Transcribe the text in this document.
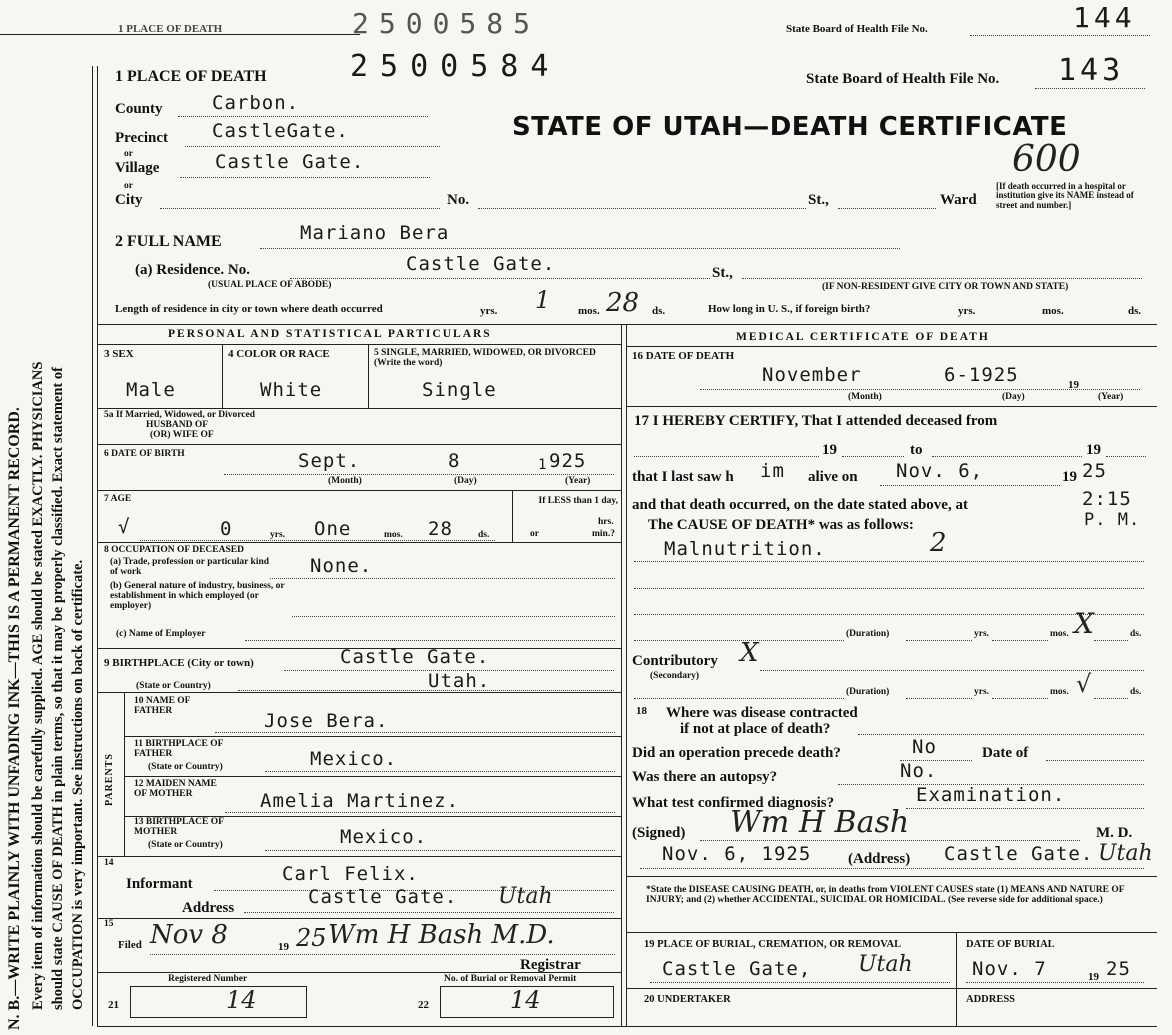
N. B.—WRITE PLAINLY WITH UNFADING INK—THIS IS A PERMANENT RECORD. Every item of information should be carefully supplied. AGE should be stated EXACTLY. PHYSICIANS should state CAUSE OF DEATH in plain terms, so that it may be properly classified. Exact statement of OCCUPATION is very important. See instructions on back of certificate.
1 PLACE OF DEATH	2500585	State Board of Health File No.	144
1 PLACE OF DEATH	2500584	State Board of Health File No. 143
County	Carbon.
Precinct CastleGate.	STATE OF UTAH—DEATH CERTIFICATE
600
or
Village	Castle Gate.
or
City	No.	St.,	Ward
[If death occurred in a hospital or institution give its NAME instead of street and number.]
2 FULL NAME	Mariano Bera
(a) Residence. No.	Castle Gate.	St.,
(USUAL PLACE OF ABODE)	(IF NON-RESIDENT GIVE CITY OR TOWN AND STATE)
Length of residence in city or town where death occurred	yrs. 1	mos. 28 ds.	How long in U. S., if foreign birth?	yrs.	mos.	ds.
PERSONAL AND STATISTICAL PARTICULARS
3 SEX
Male
4 COLOR OR RACE
White
5 SINGLE, MARRIED, WIDOWED, OR DIVORCED (Write the word)
Single
5a If Married, Widowed, or Divorced
HUSBAND OF
(OR) WIFE OF
6 DATE OF BIRTH	Sept.	8	1 925
(Month)	(Day)	(Year)
7 AGE
√	0	yrs. One	mos. 28	ds.
If LESS than 1 day,
hrs.
or	min.?
8 OCCUPATION OF DECEASED
(a) Trade, profession or particular kind of work	None.
(b) General nature of industry, business, or establishment in which employed (or employer)
(c) Name of Employer
9 BIRTHPLACE (City or town)	Castle Gate.
(State or Country)	Utah.
PARENTS
10 NAME OF FATHER	Jose Bera.
11 BIRTHPLACE OF FATHER
(State or Country)	Mexico.
12 MAIDEN NAME OF MOTHER	Amelia Martinez.
13 BIRTHPLACE OF MOTHER
(State or Country)	Mexico.
14
Informant	Carl Felix.
Address	Castle Gate. Utah
15
Filed Nov 8	19 25 Wm H Bash M.D.
Registrar
Registered Number	No. of Burial or Removal Permit
21	14	22	14
MEDICAL CERTIFICATE OF DEATH
16 DATE OF DEATH
November	6-1925	19
(Month)	(Day)	(Year)
17 I HEREBY CERTIFY, That I attended deceased from
19	to	19
that I last saw h im alive on Nov. 6,	19 25
and that death occurred, on the date stated above, at	2:15
The CAUSE OF DEATH* was as follows:	P. M.
Malnutrition.	2
(Duration)	yrs.	mos. X	ds.
Contributory X
(Secondary)
(Duration)	yrs.	mos. √	ds.
18 Where was disease contracted
if not at place of death?
Did an operation precede death?	No	Date of
Was there an autopsy?	No.
What test confirmed diagnosis?	Examination.
(Signed) Wm H Bash	M. D.
Nov. 6, 1925 (Address) Castle Gate. Utah
*State the DISEASE CAUSING DEATH, or, in deaths from VIOLENT CAUSES state (1) MEANS AND NATURE OF INJURY; and (2) whether ACCIDENTAL, SUICIDAL OR HOMICIDAL. (See reverse side for additional space.)
19 PLACE OF BURIAL, CREMATION, OR REMOVAL
Castle Gate, Utah
DATE OF BURIAL
Nov. 7	19 25
20 UNDERTAKER	ADDRESS
